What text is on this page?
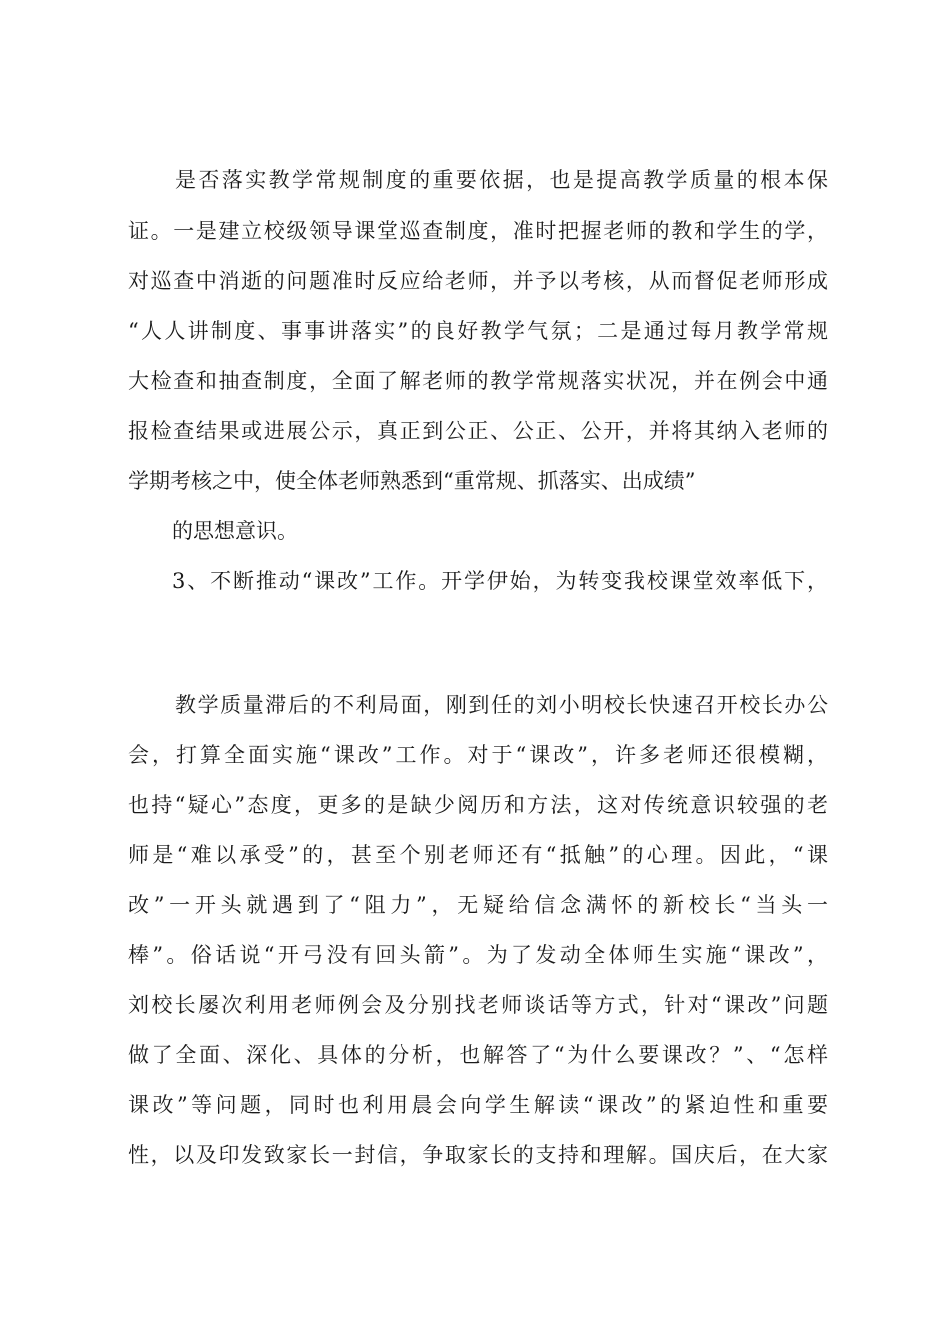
是否落实教学常规制度的重要依据，也是提高教学质量的根本保
证。一是建立校级领导课堂巡查制度，准时把握老师的教和学生的学，
对巡查中消逝的问题准时反应给老师，并予以考核，从而督促老师形成
“人人讲制度、事事讲落实”的良好教学气氛；二是通过每月教学常规
大检查和抽查制度，全面了解老师的教学常规落实状况，并在例会中通
报检查结果或进展公示，真正到公正、公正、公开，并将其纳入老师的
学期考核之中，使全体老师熟悉到“重常规、抓落实、出成绩”
的思想意识。
3、不断推动“课改”工作。开学伊始，为转变我校课堂效率低下，
教学质量滞后的不利局面，刚到任的刘小明校长快速召开校长办公
会，打算全面实施“课改”工作。对于“课改”，许多老师还很模糊，
也持“疑心”态度，更多的是缺少阅历和方法，这对传统意识较强的老
师是“难以承受”的，甚至个别老师还有“抵触”的心理。因此，“课
改”一开头就遇到了“阻力”，无疑给信念满怀的新校长“当头一
棒”。俗话说“开弓没有回头箭”。为了发动全体师生实施“课改”，
刘校长屡次利用老师例会及分别找老师谈话等方式，针对“课改”问题
做了全面、深化、具体的分析，也解答了“为什么要课改？”、“怎样
课改”等问题，同时也利用晨会向学生解读“课改”的紧迫性和重要
性，以及印发致家长一封信，争取家长的支持和理解。国庆后，在大家
